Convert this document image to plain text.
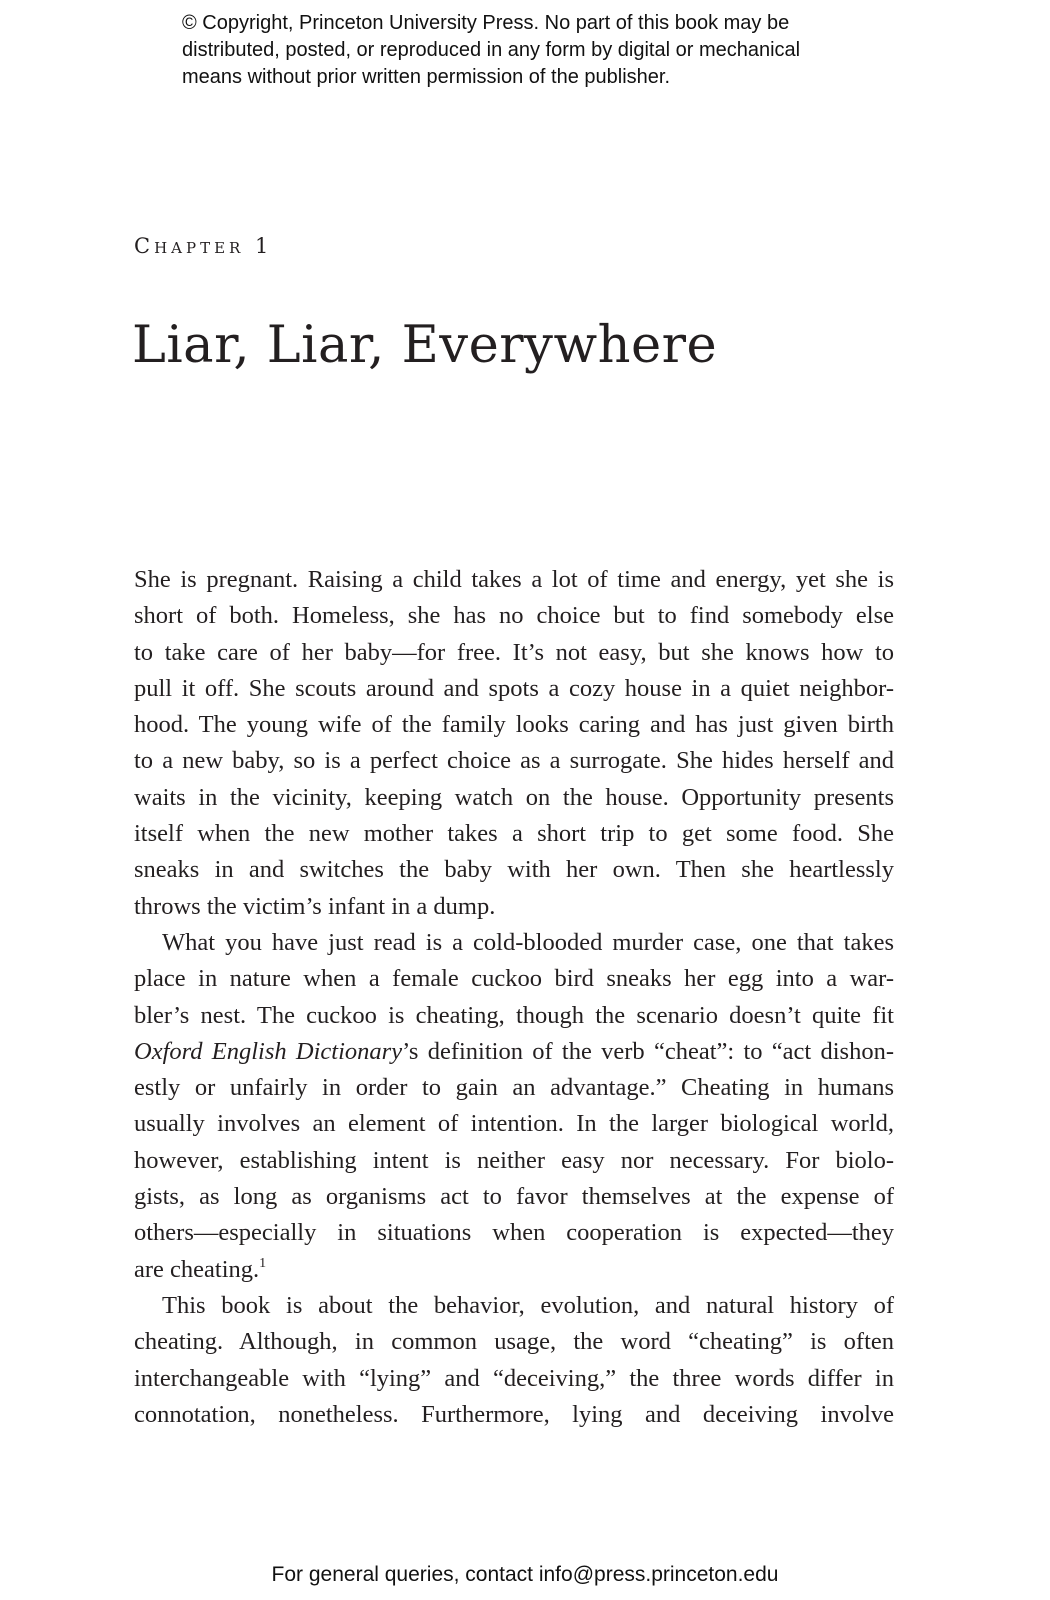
© Copyright, Princeton University Press. No part of this book may be
distributed, posted, or reproduced in any form by digital or mechanical
means without prior written permission of the publisher.
Chapter 1
Liar, Liar, Everywhere
She is pregnant. Raising a child takes a lot of time and energy, yet she is
short of both. Homeless, she has no choice but to find somebody else
to take care of her baby—for free. It’s not easy, but she knows how to
pull it off. She scouts around and spots a cozy house in a quiet neighbor-
hood. The young wife of the family looks caring and has just given birth
to a new baby, so is a perfect choice as a surrogate. She hides herself and
waits in the vicinity, keeping watch on the house. Opportunity presents
itself when the new mother takes a short trip to get some food. She
sneaks in and switches the baby with her own. Then she heartlessly
throws the victim’s infant in a dump.
What you have just read is a cold-blooded murder case, one that takes
place in nature when a female cuckoo bird sneaks her egg into a war-
bler’s nest. The cuckoo is cheating, though the scenario doesn’t quite fit
Oxford English Dictionary’s definition of the verb “cheat”: to “act dishon-
estly or unfairly in order to gain an advantage.” Cheating in humans
usually involves an element of intention. In the larger biological world,
however, establishing intent is neither easy nor necessary. For biolo-
gists, as long as organisms act to favor themselves at the expense of
others—especially in situations when cooperation is expected—they
are cheating.$^1$
This book is about the behavior, evolution, and natural history of
cheating. Although, in common usage, the word “cheating” is often
interchangeable with “lying” and “deceiving,” the three words differ in
connotation, nonetheless. Furthermore, lying and deceiving involve

For general queries, contact info@press.princeton.edu
